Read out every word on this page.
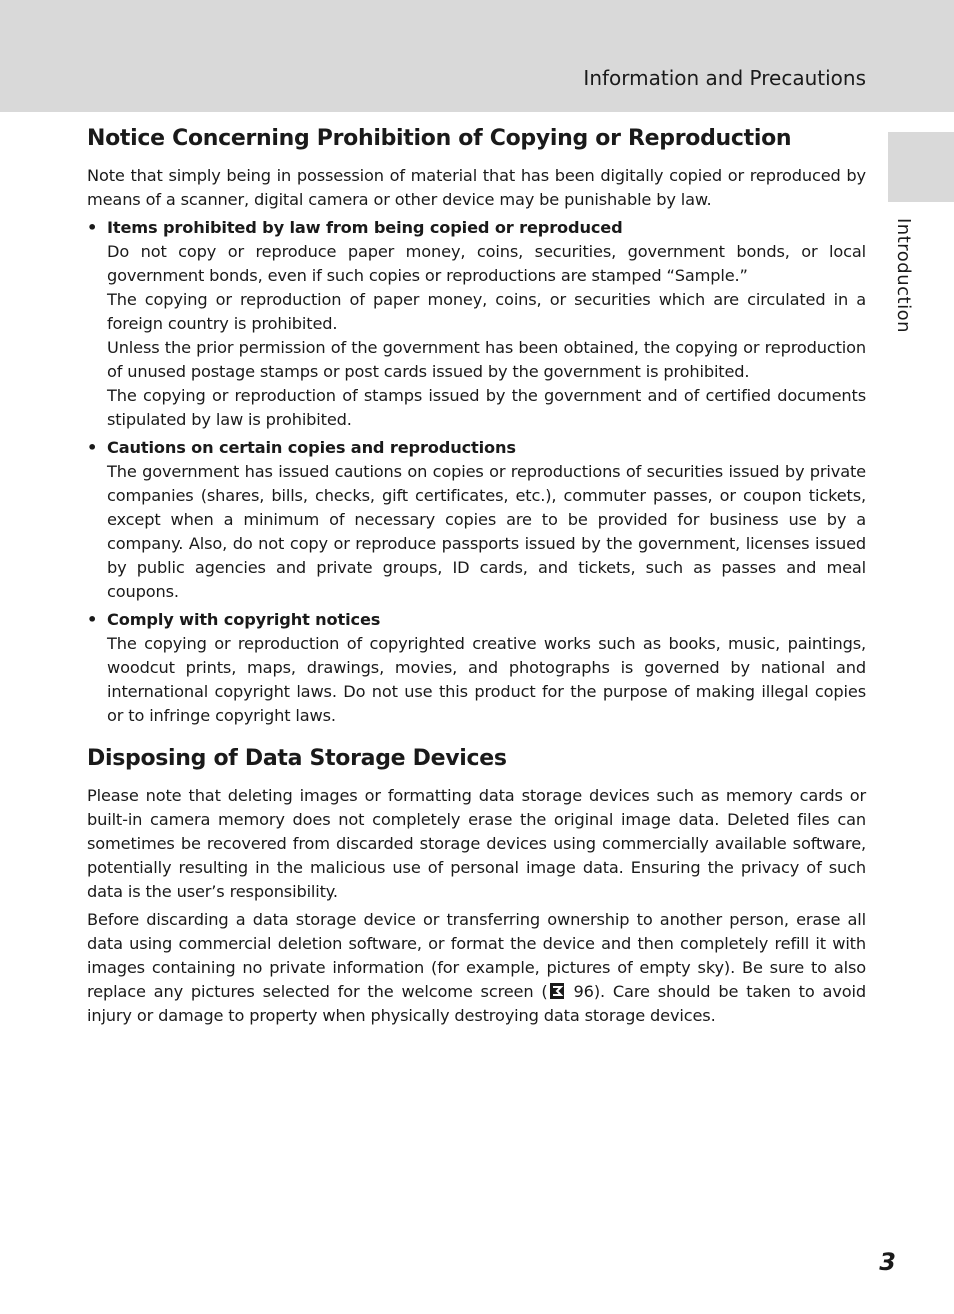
Information and Precautions
Introduction
Notice Concerning Prohibition of Copying or Reproduction

Note that simply being in possession of material that has been digitally copied or reproduced by means of a scanner, digital camera or other device may be punishable by law.

• Items prohibited by law from being copied or reproduced

Do not copy or reproduce paper money, coins, securities, government bonds, or local government bonds, even if such copies or reproductions are stamped “Sample.”

The copying or reproduction of paper money, coins, or securities which are circulated in a foreign country is prohibited.

Unless the prior permission of the government has been obtained, the copying or reproduction of unused postage stamps or post cards issued by the government is prohibited.

The copying or reproduction of stamps issued by the government and of certified documents stipulated by law is prohibited.

• Cautions on certain copies and reproductions

The government has issued cautions on copies or reproductions of securities issued by private companies (shares, bills, checks, gift certificates, etc.), commuter passes, or coupon tickets, except when a minimum of necessary copies are to be provided for business use by a company. Also, do not copy or reproduce passports issued by the government, licenses issued by public agencies and private groups, ID cards, and tickets, such as passes and meal coupons.

• Comply with copyright notices

The copying or reproduction of copyrighted creative works such as books, music, paintings, woodcut prints, maps, drawings, movies, and photographs is governed by national and international copyright laws. Do not use this product for the purpose of making illegal copies or to infringe copyright laws.

Disposing of Data Storage Devices

Please note that deleting images or formatting data storage devices such as memory cards or built-in camera memory does not completely erase the original image data. Deleted files can sometimes be recovered from discarded storage devices using commercially available software, potentially resulting in the malicious use of personal image data. Ensuring the privacy of such data is the user’s responsibility.

Before discarding a data storage device or transferring ownership to another person, erase all data using commercial deletion software, or format the device and then completely refill it with images containing no private information (for example, pictures of empty sky). Be sure to also replace any pictures selected for the welcome screen ( 96). Care should be taken to avoid injury or damage to property when physically destroying data storage devices.

3
